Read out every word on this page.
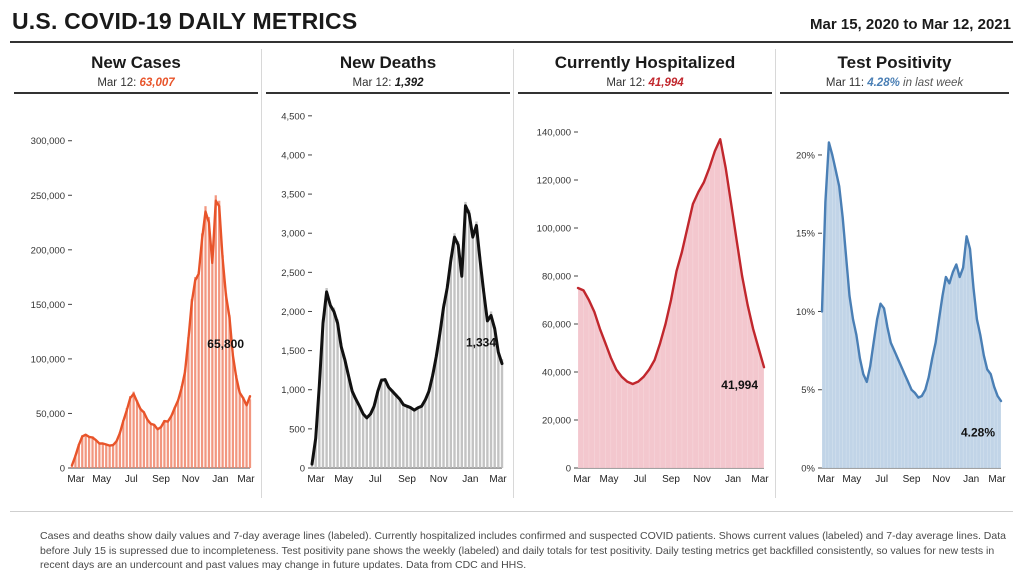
U.S. COVID-19 DAILY METRICS	Mar 15, 2020 to Mar 12, 2021
New Cases
Mar 12: 63,007
0
50,000
100,000
150,000
200,000
250,000
300,000
Mar May Jul Sep Nov Jan Mar
65,800
New Deaths
Mar 12: 1,392
0
500
1,000
1,500
2,000
2,500
3,000
3,500
4,000
4,500
Mar May Jul Sep Nov Jan Mar
1,334
Currently Hospitalized
Mar 12: 41,994
0
20,000
40,000
60,000
80,000
100,000
120,000
140,000
Mar May Jul Sep Nov Jan Mar
41,994
Test Positivity
Mar 11: 4.28% in last week
0%
5%
10%
15%
20%
Mar May Jul Sep Nov Jan Mar
4.28%
Cases and deaths show daily values and 7-day average lines (labeled). Currently hospitalized includes confirmed and suspected COVID patients. Shows current values (labeled) and 7-day average lines. Data before July 15 is supressed due to incompleteness. Test positivity pane shows the weekly (labeled) and daily totals for test positivity. Daily testing metrics get backfilled consistently, so values for new tests in recent days are an undercount and past values may change in future updates. Data from CDC and HHS.
